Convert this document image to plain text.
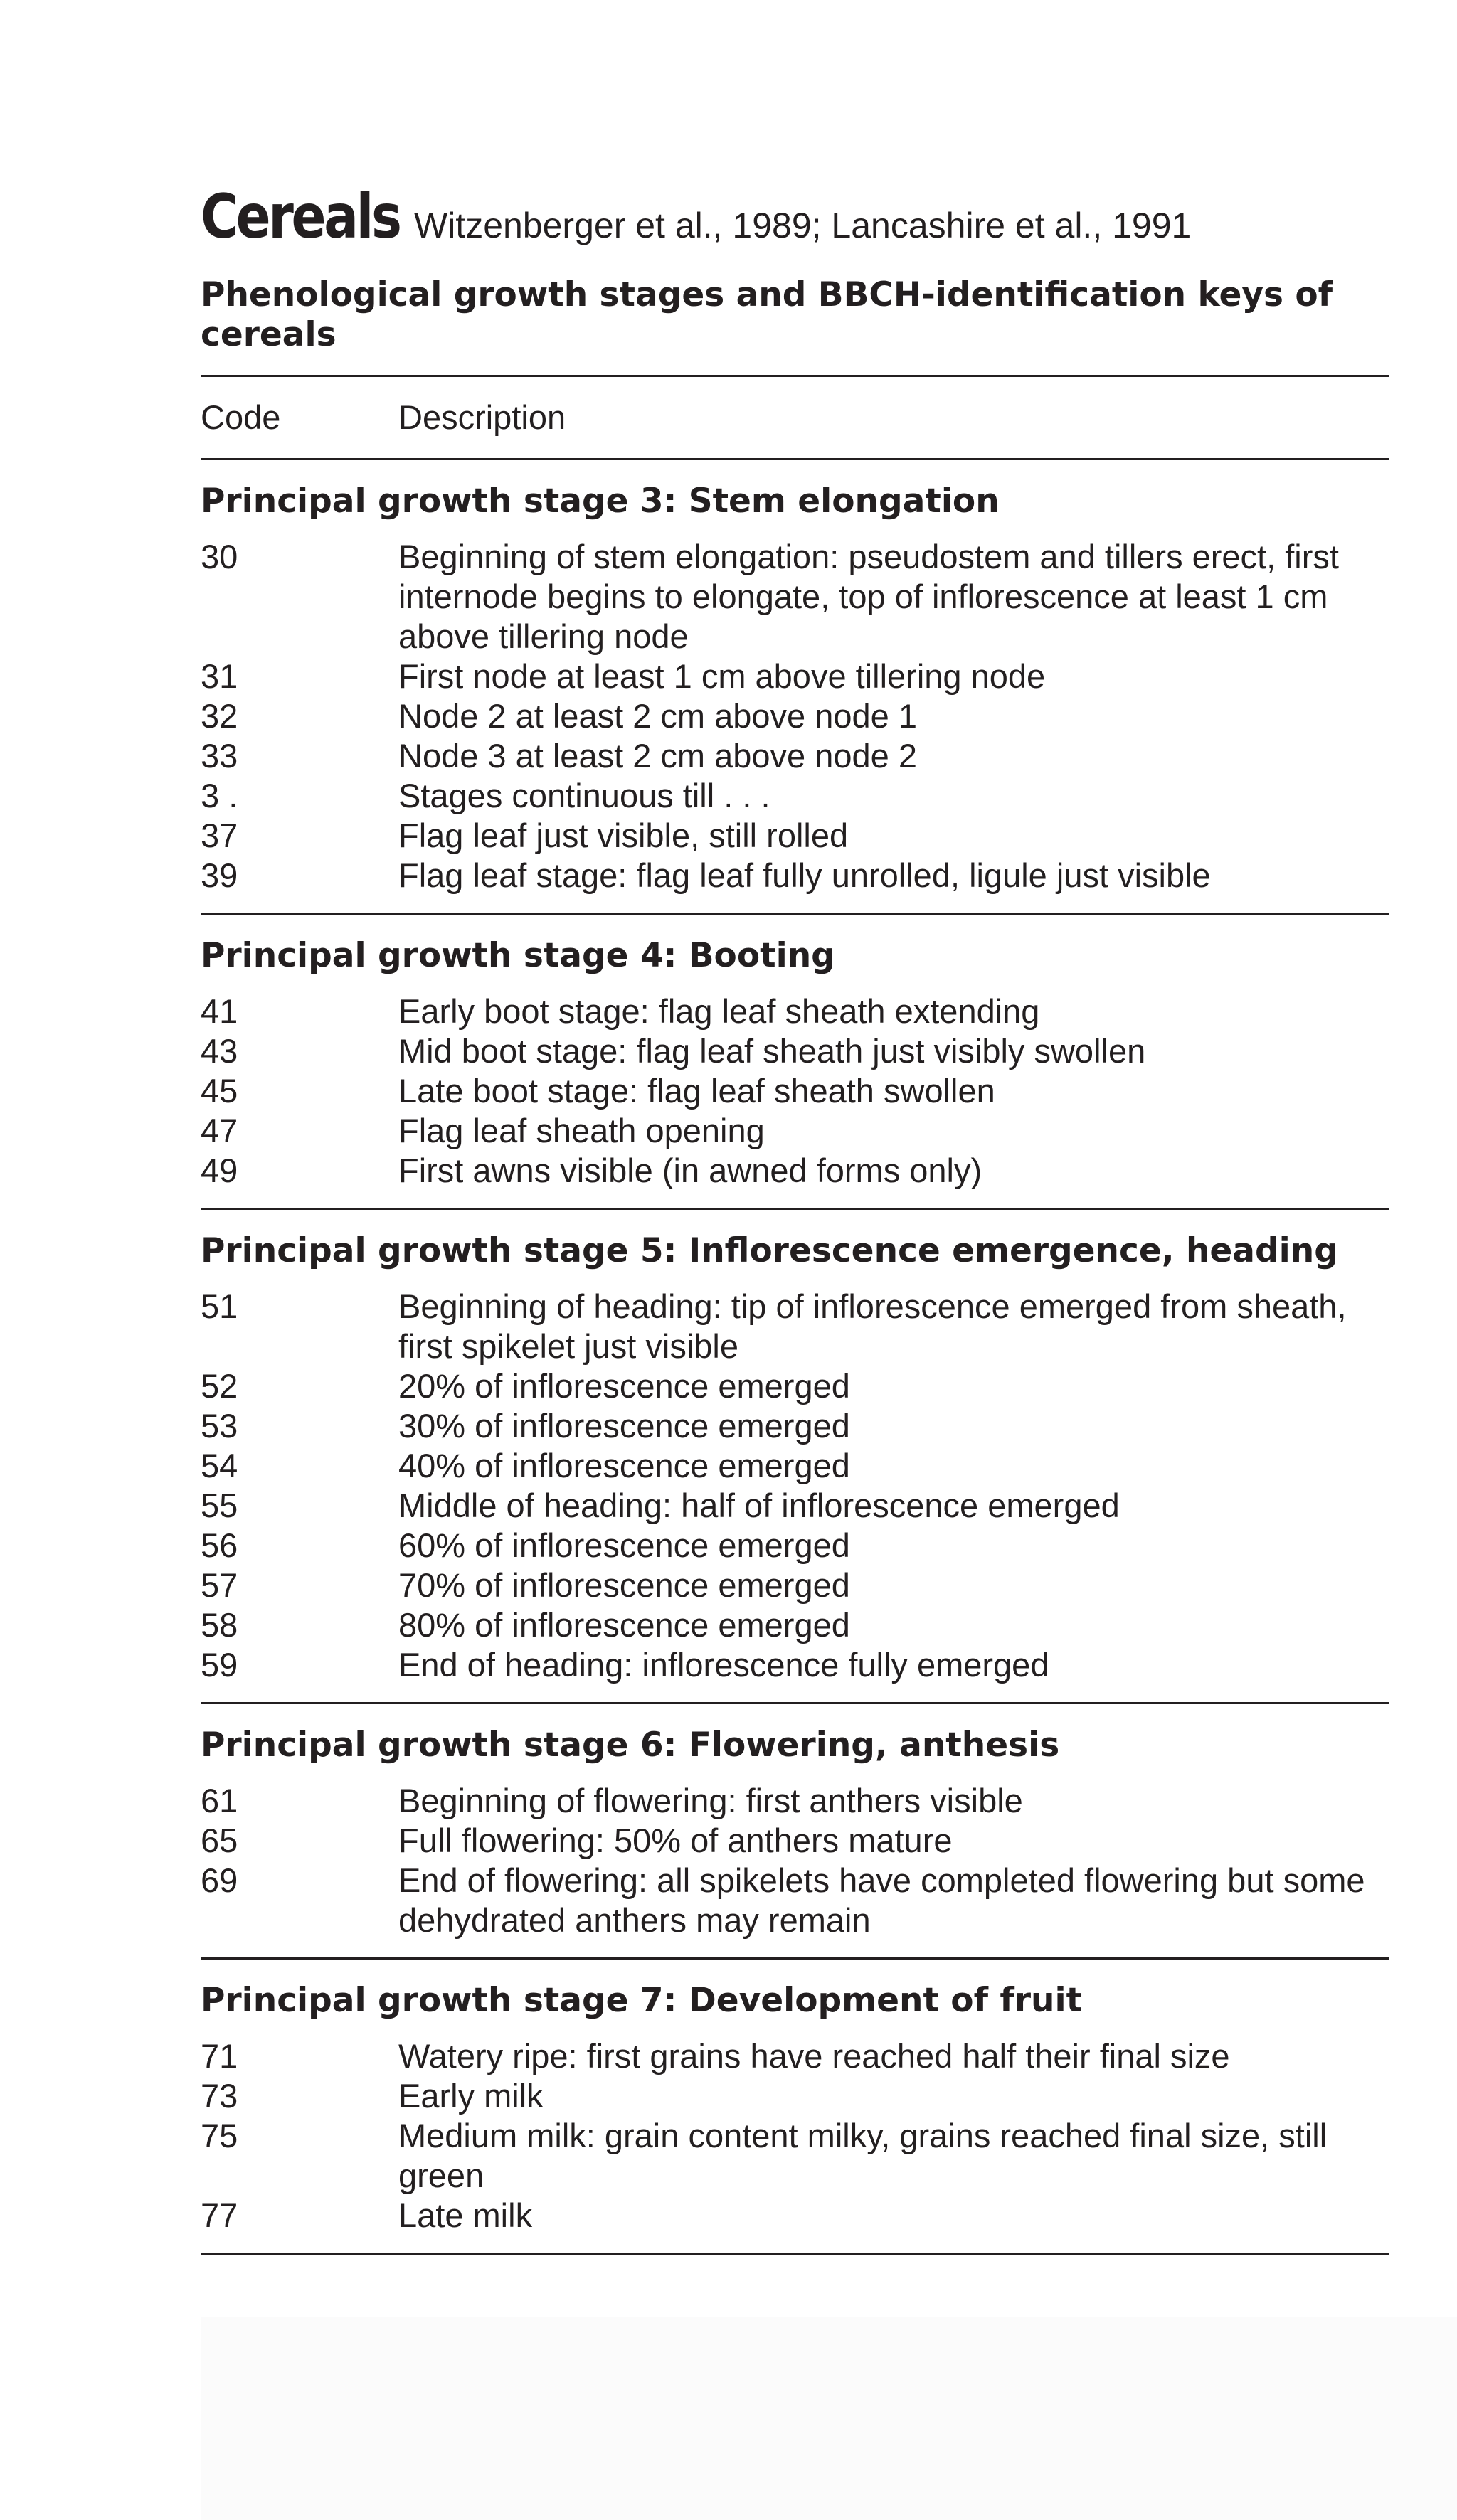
Cereals Witzenberger et al., 1989; Lancashire et al., 1991
Phenological growth stages and BBCH-identification keys of cereals
Code	Description
Principal growth stage 3: Stem elongation
30	Beginning of stem elongation: pseudostem and tillers erect, first internode begins to elongate, top of inflorescence at least 1 cm above tillering node
31	First node at least 1 cm above tillering node
32	Node 2 at least 2 cm above node 1
33	Node 3 at least 2 cm above node 2
3 .	Stages continuous till . . .
37	Flag leaf just visible, still rolled
39	Flag leaf stage: flag leaf fully unrolled, ligule just visible
Principal growth stage 4: Booting
41	Early boot stage: flag leaf sheath extending
43	Mid boot stage: flag leaf sheath just visibly swollen
45	Late boot stage: flag leaf sheath swollen
47	Flag leaf sheath opening
49	First awns visible (in awned forms only)
Principal growth stage 5: Inflorescence emergence, heading
51	Beginning of heading: tip of inflorescence emerged from sheath, first spikelet just visible
52	20% of inflorescence emerged
53	30% of inflorescence emerged
54	40% of inflorescence emerged
55	Middle of heading: half of inflorescence emerged
56	60% of inflorescence emerged
57	70% of inflorescence emerged
58	80% of inflorescence emerged
59	End of heading: inflorescence fully emerged
Principal growth stage 6: Flowering, anthesis
61	Beginning of flowering: first anthers visible
65	Full flowering: 50% of anthers mature
69	End of flowering: all spikelets have completed flowering but some dehydrated anthers may remain
Principal growth stage 7: Development of fruit
71	Watery ripe: first grains have reached half their final size
73	Early milk
75	Medium milk: grain content milky, grains reached final size, still green
77	Late milk
